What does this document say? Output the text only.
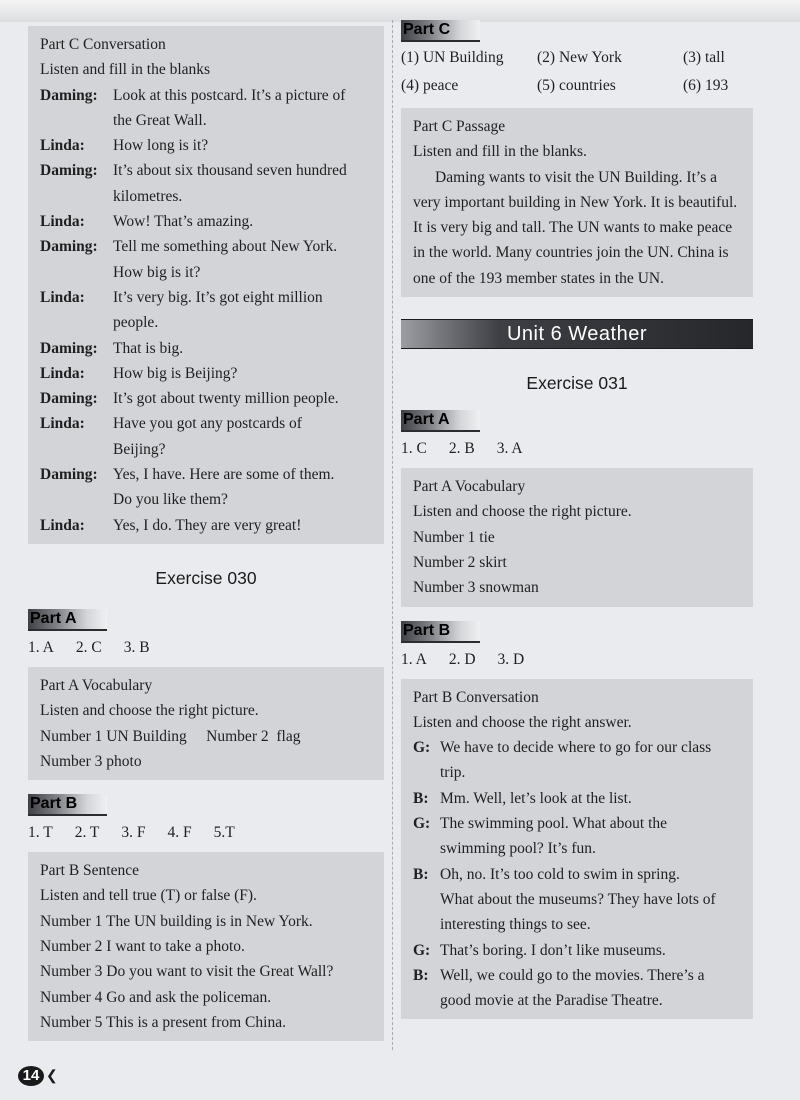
Part C Conversation
Listen and fill in the blanks
Daming: Look at this postcard. It’s a picture of
the Great Wall.
Linda:	How long is it?
Daming: It’s about six thousand seven hundred
kilometres.
Linda:	Wow! That’s amazing.
Daming: Tell me something about New York.
How big is it?
Linda:	It’s very big. It’s got eight million
people.
Daming: That is big.
Linda:	How big is Beijing?
Daming: It’s got about twenty million people.
Linda:	Have you got any postcards of
Beijing?
Daming: Yes, I have. Here are some of them.
Do you like them?
Linda:	Yes, I do. They are very great!
Exercise 030
Part A
1. A 2. C 3. B
Part A Vocabulary
Listen and choose the right picture.
Number 1 UN Building     Number 2  flag
Number 3 photo
Part B
1. T 2. T 3. F 4. F 5.T
Part B Sentence
Listen and tell true (T) or false (F).
Number 1 The UN building is in New York.
Number 2 I want to take a photo.
Number 3 Do you want to visit the Great Wall?
Number 4 Go and ask the policeman.
Number 5 This is a present from China.
Part C
(1) UN Building	(2) New York	(3) tall
(4) peace	(5) countries	(6) 193
Part C Passage
Listen and fill in the blanks.
Daming wants to visit the UN Building. It’s a
very important building in New York. It is beautiful.
It is very big and tall. The UN wants to make peace
in the world. Many countries join the UN. China is
one of the 193 member states in the UN.
Unit 6 Weather
Exercise 031
Part A
1. C 2. B 3. A
Part A Vocabulary
Listen and choose the right picture.
Number 1 tie
Number 2 skirt
Number 3 snowman
Part B
1. A 2. D 3. D
Part B Conversation
Listen and choose the right answer.
G: We have to decide where to go for our class
trip.
B: Mm. Well, let’s look at the list.
G: The swimming pool. What about the
swimming pool? It’s fun.
B: Oh, no. It’s too cold to swim in spring.
What about the museums? They have lots of
interesting things to see.
G: That’s boring. I don’t like museums.
B: Well, we could go to the movies. There’s a
good movie at the Paradise Theatre.
14 ❮
